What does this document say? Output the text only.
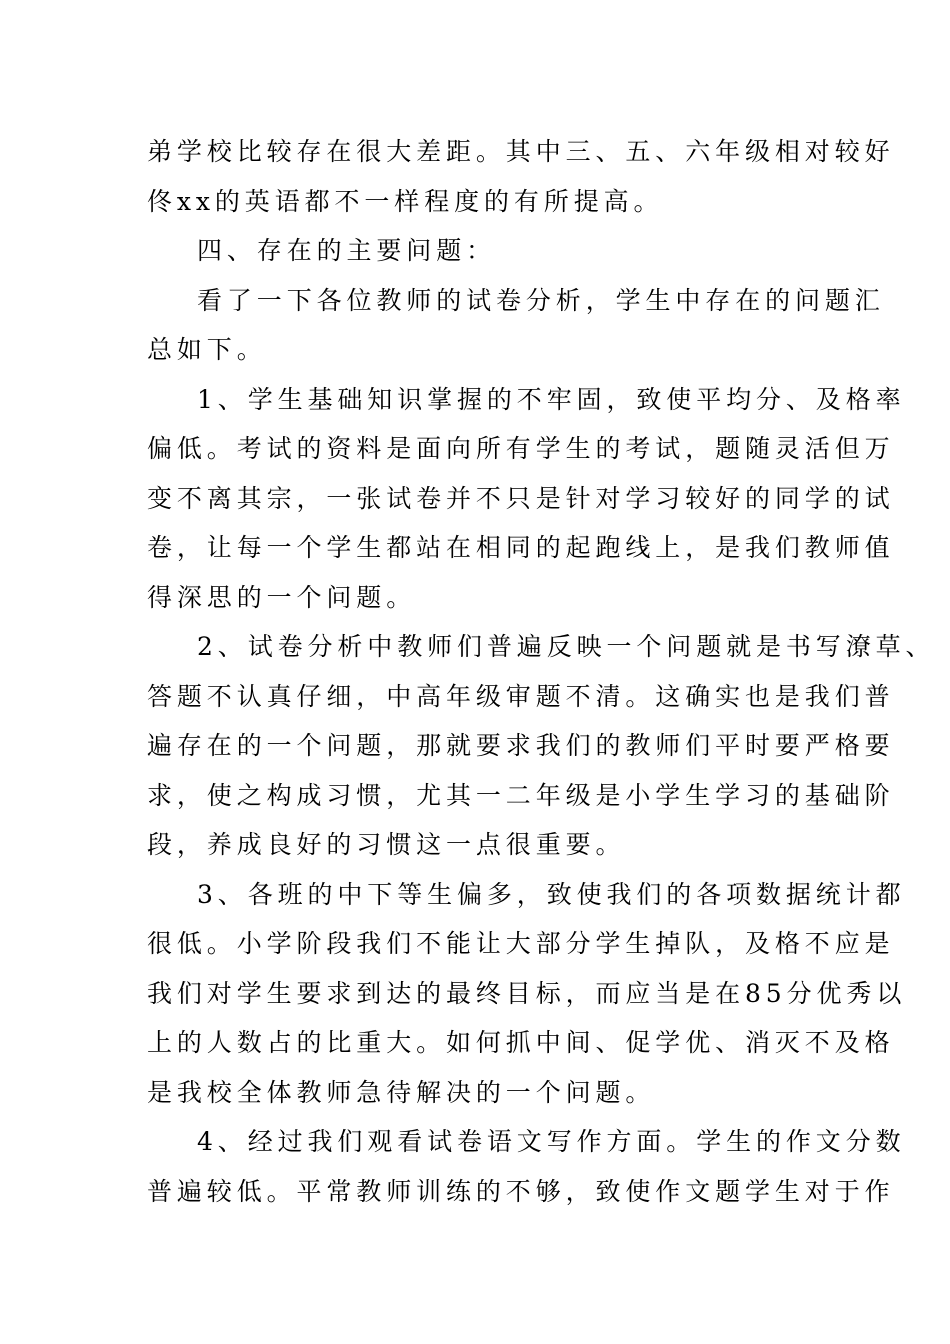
弟学校比较存在很大差距。其中三、五、六年级相对较好
佟xx的英语都不一样程度的有所提高。
四、存在的主要问题：
看了一下各位教师的试卷分析，学生中存在的问题汇
总如下。
1、学生基础知识掌握的不牢固，致使平均分、及格率
偏低。考试的资料是面向所有学生的考试，题随灵活但万
变不离其宗，一张试卷并不只是针对学习较好的同学的试
卷，让每一个学生都站在相同的起跑线上，是我们教师值
得深思的一个问题。
2、试卷分析中教师们普遍反映一个问题就是书写潦草、
答题不认真仔细，中高年级审题不清。这确实也是我们普
遍存在的一个问题，那就要求我们的教师们平时要严格要
求，使之构成习惯，尤其一二年级是小学生学习的基础阶
段，养成良好的习惯这一点很重要。
3、各班的中下等生偏多，致使我们的各项数据统计都
很低。小学阶段我们不能让大部分学生掉队，及格不应是
我们对学生要求到达的最终目标，而应当是在85分优秀以
上的人数占的比重大。如何抓中间、促学优、消灭不及格
是我校全体教师急待解决的一个问题。
4、经过我们观看试卷语文写作方面。学生的作文分数
普遍较低。平常教师训练的不够，致使作文题学生对于作
